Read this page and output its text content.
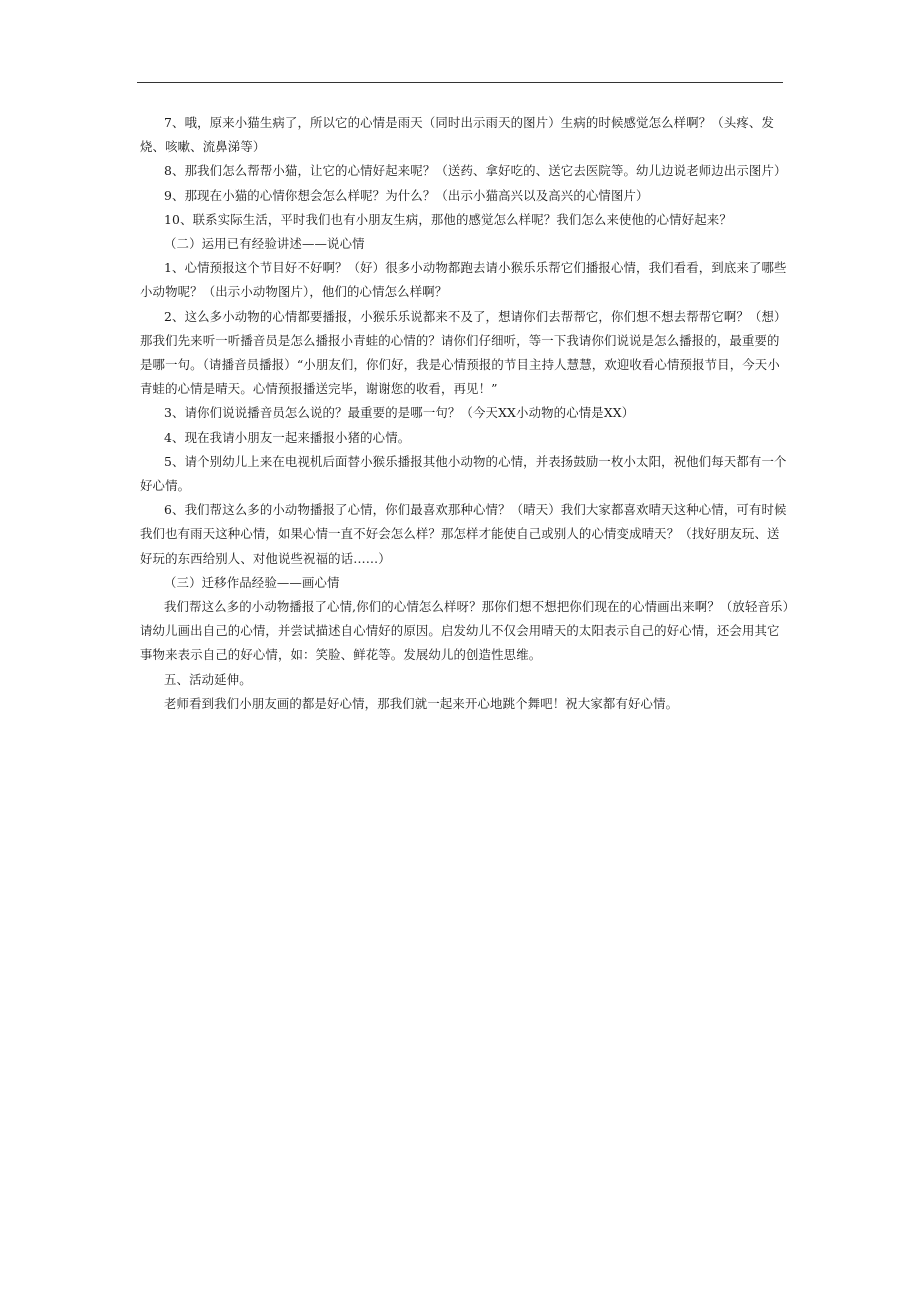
7、哦，原来小猫生病了，所以它的心情是雨天（同时出示雨天的图片）生病的时候感觉怎么样啊？（头疼、发烧、咳嗽、流鼻涕等）

8、那我们怎么帮帮小猫，让它的心情好起来呢？（送药、拿好吃的、送它去医院等。幼儿边说老师边出示图片）

9、那现在小猫的心情你想会怎么样呢？为什么？（出示小猫高兴以及高兴的心情图片）

10、联系实际生活，平时我们也有小朋友生病，那他的感觉怎么样呢？我们怎么来使他的心情好起来？

（二）运用已有经验讲述——说心情

1、心情预报这个节目好不好啊？（好）很多小动物都跑去请小猴乐乐帮它们播报心情，我们看看，到底来了哪些小动物呢？（出示小动物图片），他们的心情怎么样啊？

2、这么多小动物的心情都要播报，小猴乐乐说都来不及了，想请你们去帮帮它，你们想不想去帮帮它啊？（想）那我们先来听一听播音员是怎么播报小青蛙的心情的？请你们仔细听，等一下我请你们说说是怎么播报的，最重要的是哪一句。（请播音员播报）“小朋友们，你们好，我是心情预报的节目主持人慧慧，欢迎收看心情预报节目，今天小青蛙的心情是晴天。心情预报播送完毕，谢谢您的收看，再见！”

3、请你们说说播音员怎么说的？最重要的是哪一句？（今天XX小动物的心情是XX）

4、现在我请小朋友一起来播报小猪的心情。

5、请个别幼儿上来在电视机后面替小猴乐播报其他小动物的心情，并表扬鼓励一枚小太阳，祝他们每天都有一个好心情。

6、我们帮这么多的小动物播报了心情，你们最喜欢那种心情？（晴天）我们大家都喜欢晴天这种心情，可有时候我们也有雨天这种心情，如果心情一直不好会怎么样？那怎样才能使自己或别人的心情变成晴天？（找好朋友玩、送好玩的东西给别人、对他说些祝福的话……）

（三）迁移作品经验——画心情

我们帮这么多的小动物播报了心情,你们的心情怎么样呀？那你们想不想把你们现在的心情画出来啊？（放轻音乐）请幼儿画出自己的心情，并尝试描述自心情好的原因。启发幼儿不仅会用晴天的太阳表示自己的好心情，还会用其它事物来表示自己的好心情，如：笑脸、鲜花等。发展幼儿的创造性思维。

五、活动延伸。

老师看到我们小朋友画的都是好心情，那我们就一起来开心地跳个舞吧！祝大家都有好心情。
